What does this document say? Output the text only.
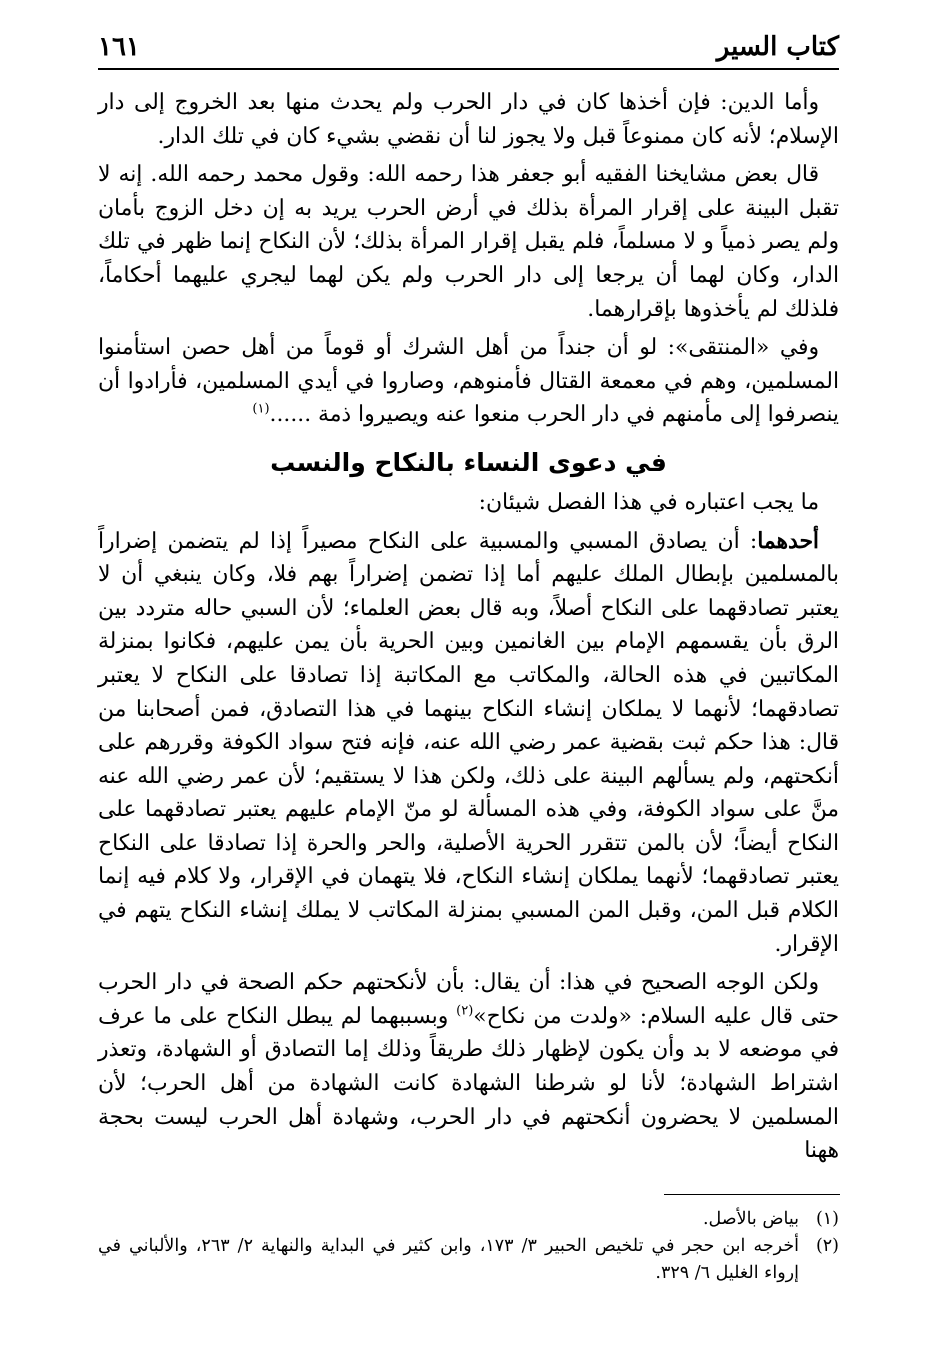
كتاب السير
١٦١

وأما الدين: فإن أخذها كان في دار الحرب ولم يحدث منها بعد الخروج إلى دار الإسلام؛ لأنه كان ممنوعاً قبل ولا يجوز لنا أن نقضي بشيء كان في تلك الدار.

قال بعض مشايخنا الفقيه أبو جعفر هذا رحمه الله: وقول محمد رحمه الله. إنه لا تقبل البينة على إقرار المرأة بذلك في أرض الحرب يريد به إن دخل الزوج بأمان ولم يصر ذمياً و لا مسلماً، فلم يقبل إقرار المرأة بذلك؛ لأن النكاح إنما ظهر في تلك الدار، وكان لهما أن يرجعا إلى دار الحرب ولم يكن لهما ليجري عليهما أحكاماً، فلذلك لم يأخذوها بإقرارهما.

وفي «المنتقى»: لو أن جنداً من أهل الشرك أو قوماً من أهل حصن استأمنوا المسلمين، وهم في معمعة القتال فأمنوهم، وصاروا في أيدي المسلمين، فأرادوا أن ينصرفوا إلى مأمنهم في دار الحرب منعوا عنه ويصيروا ذمة ......$^{(١)}$

في دعوى النساء بالنكاح والنسب

ما يجب اعتباره في هذا الفصل شيئان:

أحدهما: أن يصادق المسبي والمسبية على النكاح مصيراً إذا لم يتضمن إضراراً بالمسلمين بإبطال الملك عليهم أما إذا تضمن إضراراً بهم فلا، وكان ينبغي أن لا يعتبر تصادقهما على النكاح أصلاً، وبه قال بعض العلماء؛ لأن السبي حاله متردد بين الرق بأن يقسمهم الإمام بين الغانمين وبين الحرية بأن يمن عليهم، فكانوا بمنزلة المكاتبين في هذه الحالة، والمكاتب مع المكاتبة إذا تصادقا على النكاح لا يعتبر تصادقهما؛ لأنهما لا يملكان إنشاء النكاح بينهما في هذا التصادق، فمن أصحابنا من قال: هذا حكم ثبت بقضية عمر رضي الله عنه، فإنه فتح سواد الكوفة وقررهم على أنكحتهم، ولم يسألهم البينة على ذلك، ولكن هذا لا يستقيم؛ لأن عمر رضي الله عنه منَّ على سواد الكوفة، وفي هذه المسألة لو منّ الإمام عليهم يعتبر تصادقهما على النكاح أيضاً؛ لأن بالمن تتقرر الحرية الأصلية، والحر والحرة إذا تصادقا على النكاح يعتبر تصادقهما؛ لأنهما يملكان إنشاء النكاح، فلا يتهمان في الإقرار، ولا كلام فيه إنما الكلام قبل المن، وقبل المن المسبي بمنزلة المكاتب لا يملك إنشاء النكاح يتهم في الإقرار.

ولكن الوجه الصحيح في هذا: أن يقال: بأن لأنكحتهم حكم الصحة في دار الحرب حتى قال عليه السلام: «ولدت من نكاح»$^{(٢)}$ وبسببهما لم يبطل النكاح على ما عرف في موضعه لا بد وأن يكون لإظهار ذلك طريقاً وذلك إما التصادق أو الشهادة، وتعذر اشتراط الشهادة؛ لأنا لو شرطنا الشهادة كانت الشهادة من أهل الحرب؛ لأن المسلمين لا يحضرون أنكحتهم في دار الحرب، وشهادة أهل الحرب ليست بحجة ههنا

(١)
بياض بالأصل.

(٢)
أخرجه ابن حجر في تلخيص الحبير ٣/ ١٧٣، وابن كثير في البداية والنهاية ٢/ ٢٦٣، والألباني في إرواء الغليل ٦/ ٣٢٩.
